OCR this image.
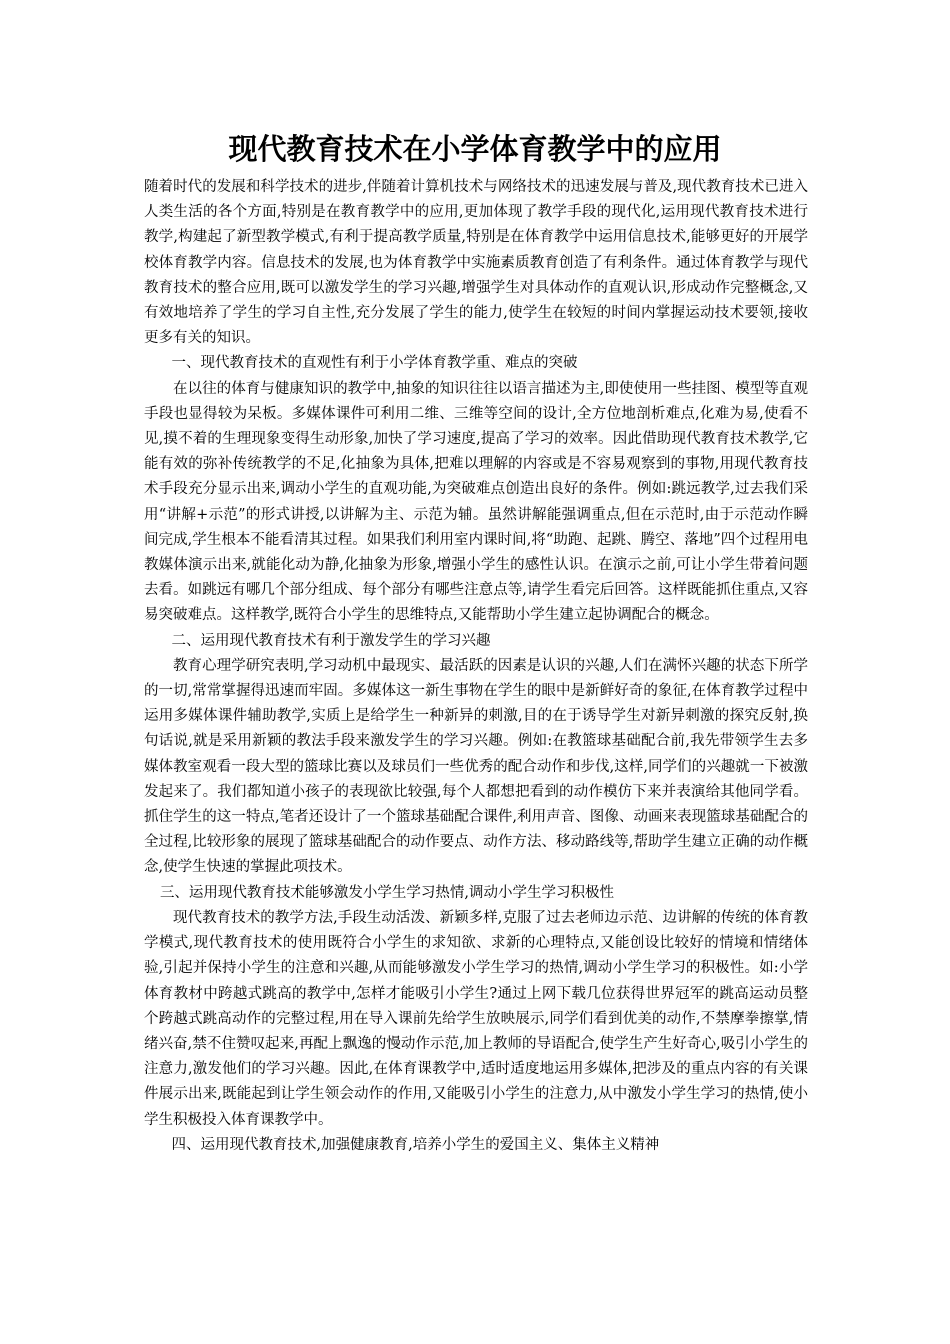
现代教育技术在小学体育教学中的应用

随着时代的发展和科学技术的进步,伴随着计算机技术与网络技术的迅速发展与普及,现代教育技术已进入人类生活的各个方面,特别是在教育教学中的应用,更加体现了教学手段的现代化,运用现代教育技术进行教学,构建起了新型教学模式,有利于提高教学质量,特别是在体育教学中运用信息技术,能够更好的开展学校体育教学内容。信息技术的发展,也为体育教学中实施素质教育创造了有利条件。通过体育教学与现代教育技术的整合应用,既可以激发学生的学习兴趣,增强学生对具体动作的直观认识,形成动作完整概念,又有效地培养了学生的学习自主性,充分发展了学生的能力,使学生在较短的时间内掌握运动技术要领,接收更多有关的知识。

一、现代教育技术的直观性有利于小学体育教学重、难点的突破

在以往的体育与健康知识的教学中,抽象的知识往往以语言描述为主,即使使用一些挂图、模型等直观手段也显得较为呆板。多媒体课件可利用二维、三维等空间的设计,全方位地剖析难点,化难为易,使看不见,摸不着的生理现象变得生动形象,加快了学习速度,提高了学习的效率。因此借助现代教育技术教学,它能有效的弥补传统教学的不足,化抽象为具体,把难以理解的内容或是不容易观察到的事物,用现代教育技术手段充分显示出来,调动小学生的直观功能,为突破难点创造出良好的条件。例如:跳远教学,过去我们采用“讲解+示范”的形式讲授,以讲解为主、示范为辅。虽然讲解能强调重点,但在示范时,由于示范动作瞬间完成,学生根本不能看清其过程。如果我们利用室内课时间,将“助跑、起跳、腾空、落地”四个过程用电教媒体演示出来,就能化动为静,化抽象为形象,增强小学生的感性认识。在演示之前,可让小学生带着问题去看。如跳远有哪几个部分组成、每个部分有哪些注意点等,请学生看完后回答。这样既能抓住重点,又容易突破难点。这样教学,既符合小学生的思维特点,又能帮助小学生建立起协调配合的概念。

二、运用现代教育技术有利于激发学生的学习兴趣

教育心理学研究表明,学习动机中最现实、最活跃的因素是认识的兴趣,人们在满怀兴趣的状态下所学的一切,常常掌握得迅速而牢固。多媒体这一新生事物在学生的眼中是新鲜好奇的象征,在体育教学过程中运用多媒体课件辅助教学,实质上是给学生一种新异的刺激,目的在于诱导学生对新异刺激的探究反射,换句话说,就是采用新颖的教法手段来激发学生的学习兴趣。例如:在教篮球基础配合前,我先带领学生去多媒体教室观看一段大型的篮球比赛以及球员们一些优秀的配合动作和步伐,这样,同学们的兴趣就一下被激发起来了。我们都知道小孩子的表现欲比较强,每个人都想把看到的动作模仿下来并表演给其他同学看。抓住学生的这一特点,笔者还设计了一个篮球基础配合课件,利用声音、图像、动画来表现篮球基础配合的全过程,比较形象的展现了篮球基础配合的动作要点、动作方法、移动路线等,帮助学生建立正确的动作概念,使学生快速的掌握此项技术。

三、运用现代教育技术能够激发小学生学习热情,调动小学生学习积极性

现代教育技术的教学方法,手段生动活泼、新颖多样,克服了过去老师边示范、边讲解的传统的体育教学模式,现代教育技术的使用既符合小学生的求知欲、求新的心理特点,又能创设比较好的情境和情绪体验,引起并保持小学生的注意和兴趣,从而能够激发小学生学习的热情,调动小学生学习的积极性。如:小学体育教材中跨越式跳高的教学中,怎样才能吸引小学生?通过上网下载几位获得世界冠军的跳高运动员整个跨越式跳高动作的完整过程,用在导入课前先给学生放映展示,同学们看到优美的动作,不禁摩拳擦掌,情绪兴奋,禁不住赞叹起来,再配上飘逸的慢动作示范,加上教师的导语配合,使学生产生好奇心,吸引小学生的注意力,激发他们的学习兴趣。因此,在体育课教学中,适时适度地运用多媒体,把涉及的重点内容的有关课件展示出来,既能起到让学生领会动作的作用,又能吸引小学生的注意力,从中激发小学生学习的热情,使小学生积极投入体育课教学中。

四、运用现代教育技术,加强健康教育,培养小学生的爱国主义、集体主义精神
